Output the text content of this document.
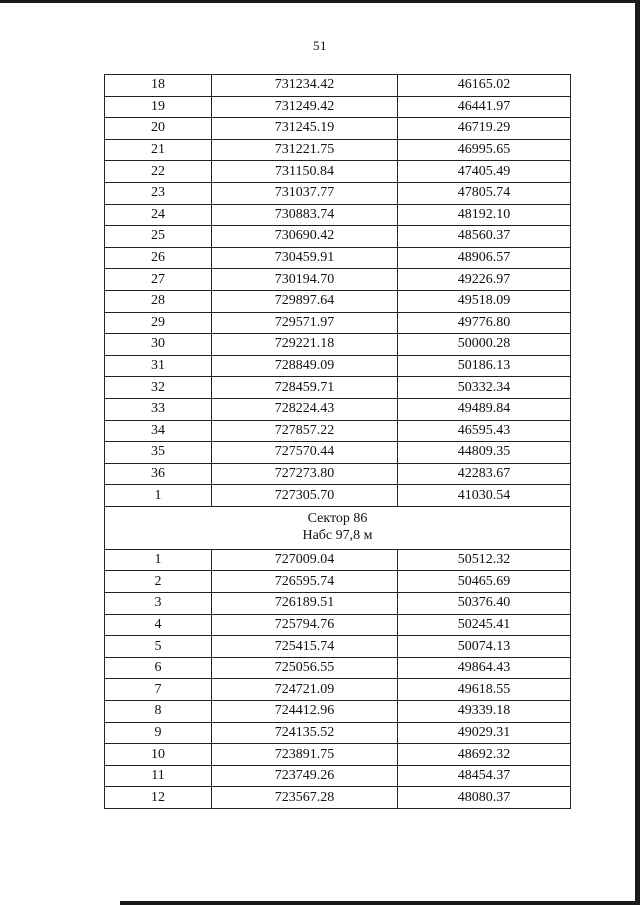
51
18	731234.42	46165.02
19	731249.42	46441.97
20	731245.19	46719.29
21	731221.75	46995.65
22	731150.84	47405.49
23	731037.77	47805.74
24	730883.74	48192.10
25	730690.42	48560.37
26	730459.91	48906.57
27	730194.70	49226.97
28	729897.64	49518.09
29	729571.97	49776.80
30	729221.18	50000.28
31	728849.09	50186.13
32	728459.71	50332.34
33	728224.43	49489.84
34	727857.22	46595.43
35	727570.44	44809.35
36	727273.80	42283.67
1	727305.70	41030.54

Сектор 86
Набс 97,8 м		

1	727009.04	50512.32
2	726595.74	50465.69
3	726189.51	50376.40
4	725794.76	50245.41
5	725415.74	50074.13
6	725056.55	49864.43
7	724721.09	49618.55
8	724412.96	49339.18
9	724135.52	49029.31
10	723891.75	48692.32
11	723749.26	48454.37
12	723567.28	48080.37
